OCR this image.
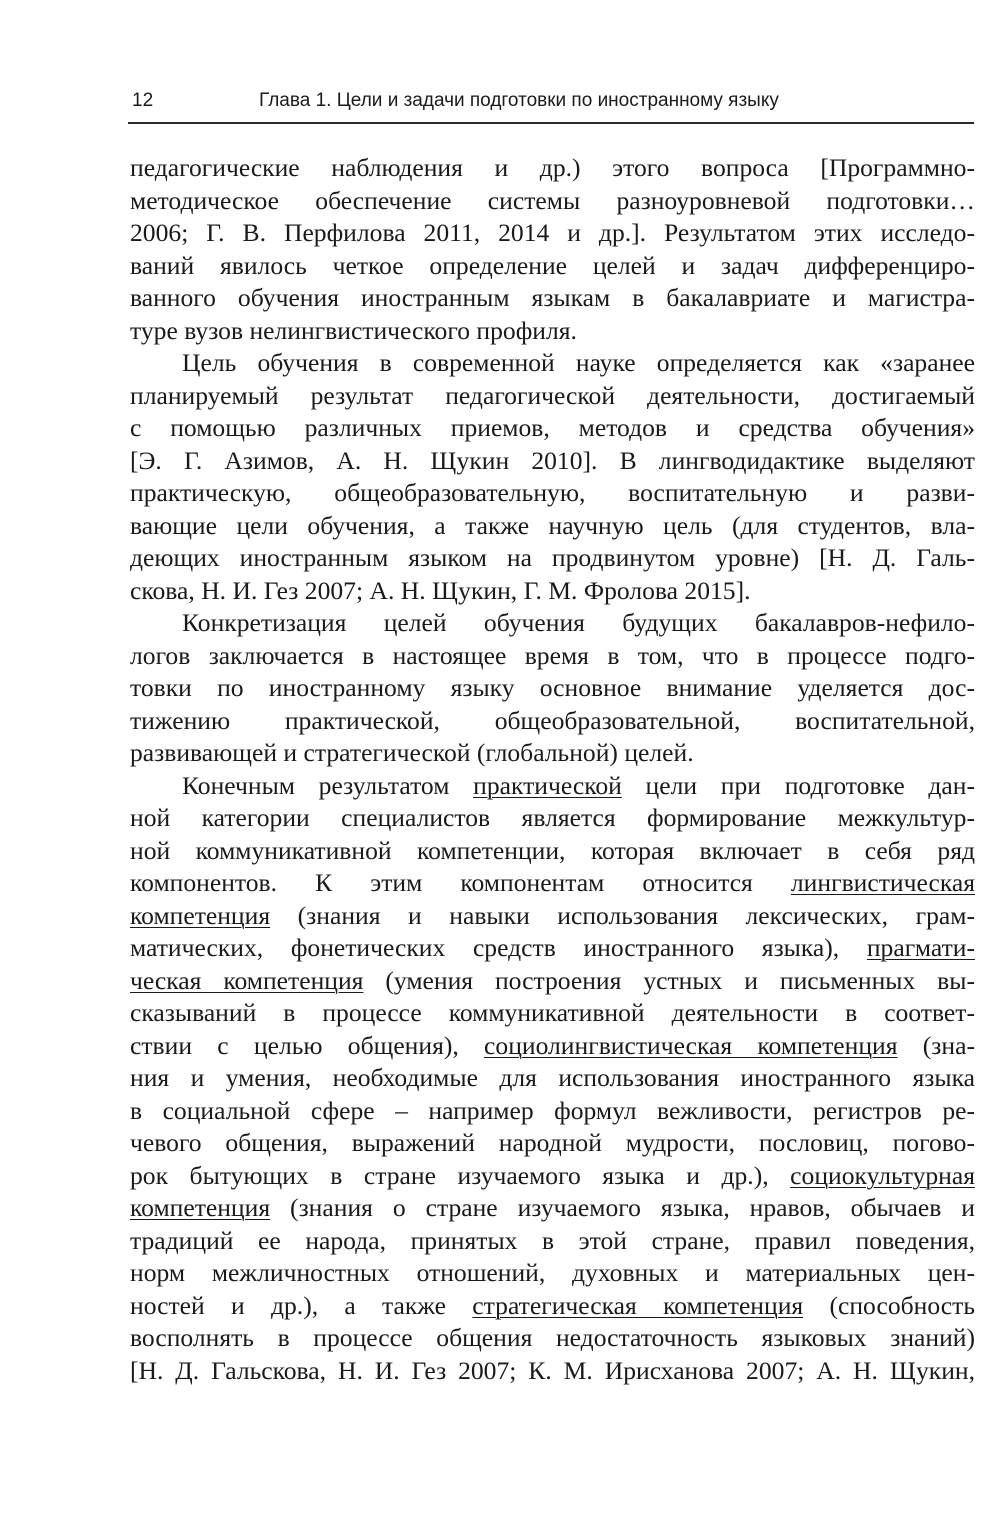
12	Глава 1. Цели и задачи подготовки по иностранному языку
педагогические наблюдения и др.) этого вопроса [Программно-
методическое обеспечение системы разноуровневой подготовки…
2006; Г. В. Перфилова 2011, 2014 и др.]. Результатом этих исследо-
ваний явилось четкое определение целей и задач дифференциро-
ванного обучения иностранным языкам в бакалавриате и магистра-
туре вузов нелингвистического профиля.
Цель обучения в современной науке определяется как «заранее
планируемый результат педагогической деятельности, достигаемый
с помощью различных приемов, методов и средства обучения»
[Э. Г. Азимов, А. Н. Щукин 2010]. В лингводидактике выделяют
практическую, общеобразовательную, воспитательную и разви-
вающие цели обучения, а также научную цель (для студентов, вла-
деющих иностранным языком на продвинутом уровне) [Н. Д. Галь-
скова, Н. И. Гез 2007; А. Н. Щукин, Г. М. Фролова 2015].
Конкретизация целей обучения будущих бакалавров-нефило-
логов заключается в настоящее время в том, что в процессе подго-
товки по иностранному языку основное внимание уделяется дос-
тижению практической, общеобразовательной, воспитательной,
развивающей и стратегической (глобальной) целей.
Конечным результатом практической цели при подготовке дан-
ной категории специалистов является формирование межкультур-
ной коммуникативной компетенции, которая включает в себя ряд
компонентов. К этим компонентам относится лингвистическая
компетенция (знания и навыки использования лексических, грам-
матических, фонетических средств иностранного языка), прагмати-
ческая компетенция (умения построения устных и письменных вы-
сказываний в процессе коммуникативной деятельности в соответ-
ствии с целью общения), социолингвистическая компетенция (зна-
ния и умения, необходимые для использования иностранного языка
в социальной сфере – например формул вежливости, регистров ре-
чевого общения, выражений народной мудрости, пословиц, погово-
рок бытующих в стране изучаемого языка и др.), социокультурная
компетенция (знания о стране изучаемого языка, нравов, обычаев и
традиций ее народа, принятых в этой стране, правил поведения,
норм межличностных отношений, духовных и материальных цен-
ностей и др.), а также стратегическая компетенция (способность
восполнять в процессе общения недостаточность языковых знаний)
[Н. Д. Гальскова, Н. И. Гез 2007; К. М. Ирисханова 2007; А. Н. Щукин,
